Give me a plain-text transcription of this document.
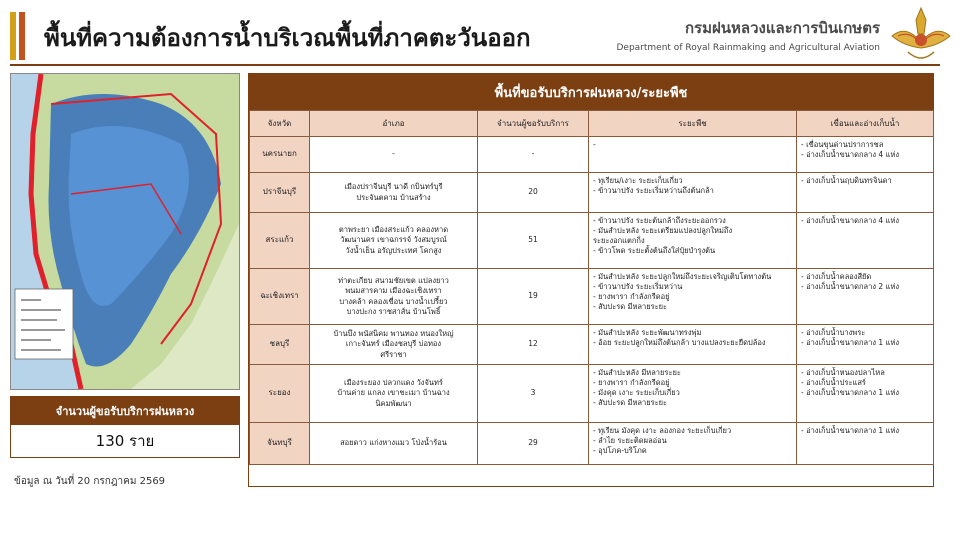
พื้นที่ความต้องการน้ำบริเวณพื้นที่ภาคตะวันออก	กรมฝนหลวงและการบินเกษตร
Department of Royal Rainmaking and Agricultural Aviation
จำนวนผู้ขอรับบริการฝนหลวง
130 ราย
ข้อมูล ณ วันที่ 20 กรกฎาคม 2569
พื้นที่ขอรับบริการฝนหลวง/ระยะพืช
จังหวัด	อำเภอ	จำนวนผู้ขอรับบริการ	ระยะพืช	เขื่อนและอ่างเก็บน้ำ
นครนายก	-	-	-	- เขื่อนขุนด่านปราการชล
- อ่างเก็บน้ำขนาดกลาง 4 แห่ง

ปราจีนบุรี	เมืองปราจีนบุรี นาดี กบินทร์บุรี
ประจันตคาม บ้านสร้าง	20	- ทุเรียน/เงาะ ระยะเก็บเกี่ยว
- ข้าวนาปรัง ระยะเริ่มหว่านถึงต้นกล้า	- อ่างเก็บน้ำนฤบดินทรจินดา

สระแก้ว	ตาพระยา เมืองสระแก้ว คลองหาด
วัฒนานคร เขาฉกรรจ์ วังสมบูรณ์
วังน้ำเย็น อรัญประเทศ โคกสูง	51	- ข้าวนาปรัง ระยะต้นกล้าถึงระยะออกรวง
- มันสำปะหลัง ระยะเตรียมแปลงปลูกใหม่ถึง
ระยะงอกแตกกิ่ง
- ข้าวโพด ระยะตั้งต้นถึงใส่ปุ๋ยบำรุงต้น	- อ่างเก็บน้ำขนาดกลาง 4 แห่ง

ฉะเชิงเทรา	ท่าตะเกียบ สนามชัยเขต แปลงยาว
พนมสารคาม เมืองฉะเชิงเทรา
บางคล้า คลองเขื่อน บางน้ำเปรี้ยว
บางปะกง ราชสาส์น บ้านโพธิ์	19	- มันสำปะหลัง ระยะปลูกใหม่ถึงระยะเจริญเติบโตทางต้น
- ข้าวนาปรัง ระยะเริ่มหว่าน
- ยางพารา กำลังกรีดอยู่
- สับปะรด มีหลายระยะ	- อ่างเก็บน้ำคลองสียัด
- อ่างเก็บน้ำขนาดกลาง 2 แห่ง

ชลบุรี	บ้านบึง พนัสนิคม พานทอง หนองใหญ่
เกาะจันทร์ เมืองชลบุรี บ่อทอง
ศรีราชา	12	- มันสำปะหลัง ระยะพัฒนาทรงพุ่ม
- อ้อย ระยะปลูกใหม่ถึงต้นกล้า บางแปลงระยะยืดปล้อง	- อ่างเก็บน้ำบางพระ
- อ่างเก็บน้ำขนาดกลาง 1 แห่ง

ระยอง	เมืองระยอง ปลวกแดง วังจันทร์
บ้านค่าย แกลง เขาชะเมา บ้านฉาง
นิคมพัฒนา	3	- มันสำปะหลัง มีหลายระยะ
- ยางพารา กำลังกรีดอยู่
- มังคุด เงาะ ระยะเก็บเกี่ยว
- สับปะรด มีหลายระยะ	- อ่างเก็บน้ำหนองปลาไหล
- อ่างเก็บน้ำประแสร์
- อ่างเก็บน้ำขนาดกลาง 1 แห่ง

จันทบุรี	สอยดาว แก่งหางแมว โป่งน้ำร้อน	29	- ทุเรียน มังคุด เงาะ ลองกอง ระยะเก็บเกี่ยว
- ลำไย ระยะติดผลอ่อน
- อุปโภค-บริโภค	- อ่างเก็บน้ำขนาดกลาง 1 แห่ง
